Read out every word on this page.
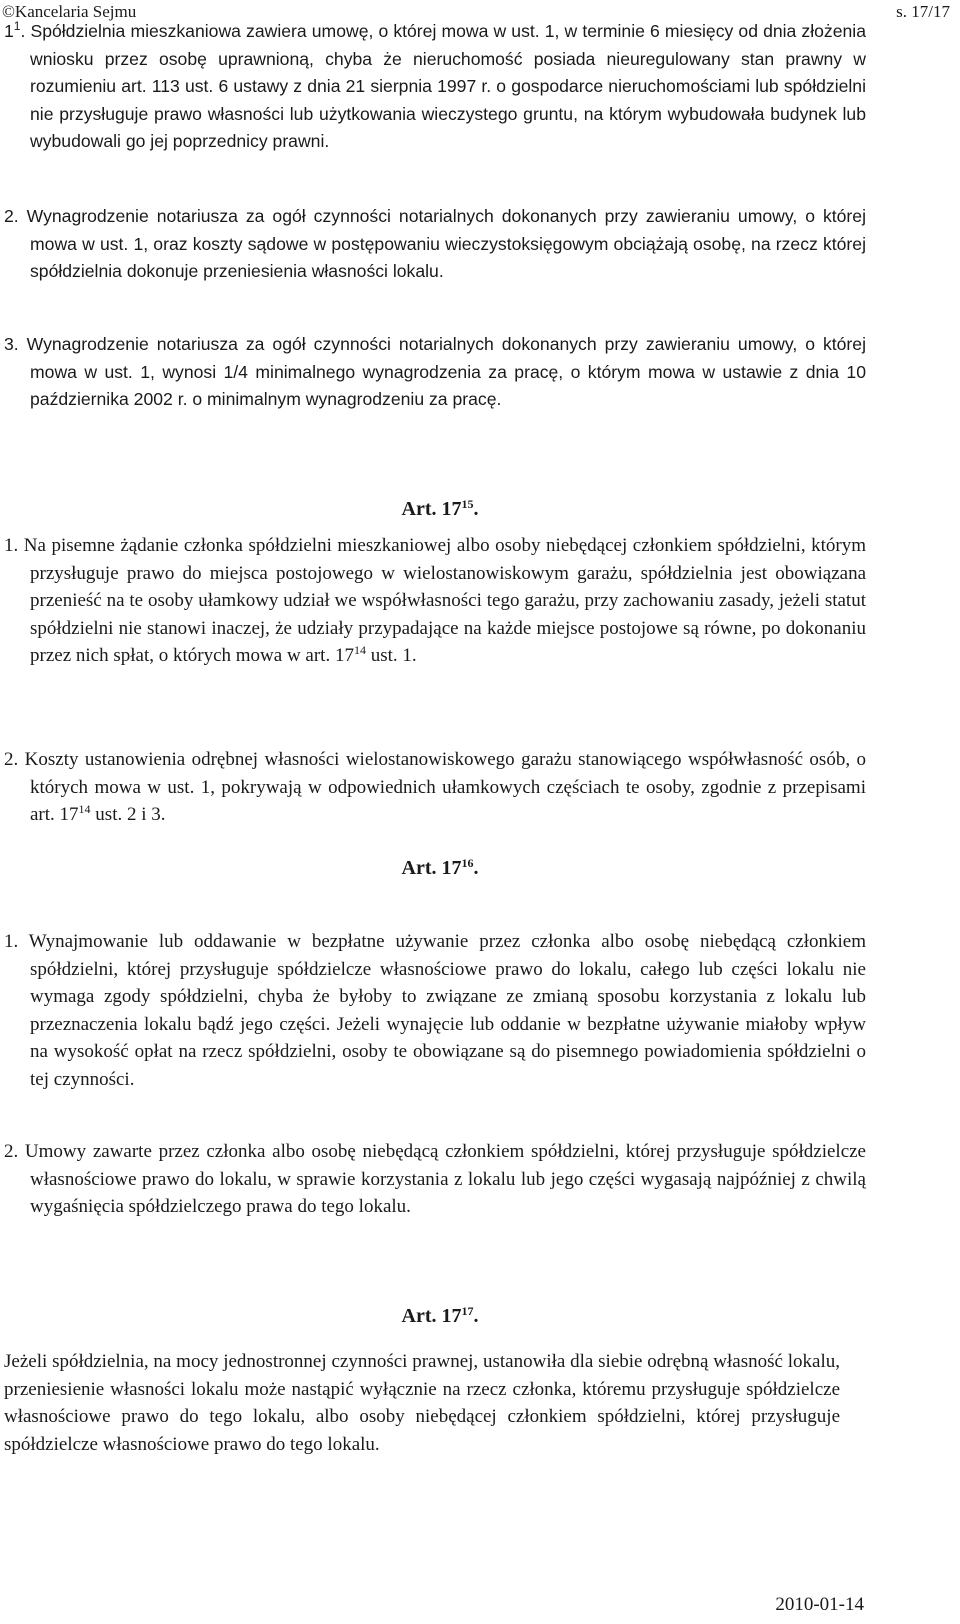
©Kancelaria Sejmu	s. 17/17
$1^1$. Spółdzielnia mieszkaniowa zawiera umowę, o której mowa w ust. 1, w terminie 6 miesięcy od dnia złożenia wniosku przez osobę uprawnioną, chyba że nieruchomość posiada nieuregulowany stan prawny w rozumieniu art. 113 ust. 6 ustawy z dnia 21 sierpnia 1997 r. o gospodarce nieruchomościami lub spółdzielni nie przysługuje prawo własności lub użytkowania wieczystego gruntu, na którym wybudowała budynek lub wybudowali go jej poprzednicy prawni.
2. Wynagrodzenie notariusza za ogół czynności notarialnych dokonanych przy zawieraniu umowy, o której mowa w ust. 1, oraz koszty sądowe w postępowaniu wieczystoksięgowym obciążają osobę, na rzecz której spółdzielnia dokonuje przeniesienia własności lokalu.
3. Wynagrodzenie notariusza za ogół czynności notarialnych dokonanych przy zawieraniu umowy, o której mowa w ust. 1, wynosi 1/4 minimalnego wynagrodzenia za pracę, o którym mowa w ustawie z dnia 10 października 2002 r. o minimalnym wynagrodzeniu za pracę.
Art. $17^{15}$.
1. Na pisemne żądanie członka spółdzielni mieszkaniowej albo osoby niebędącej członkiem spółdzielni, którym przysługuje prawo do miejsca postojowego w wielostanowiskowym garażu, spółdzielnia jest obowiązana przenieść na te osoby ułamkowy udział we współwłasności tego garażu, przy zachowaniu zasady, jeżeli statut spółdzielni nie stanowi inaczej, że udziały przypadające na każde miejsce postojowe są równe, po dokonaniu przez nich spłat, o których mowa w art. $17^{14}$ ust. 1.
2. Koszty ustanowienia odrębnej własności wielostanowiskowego garażu stanowiącego współwłasność osób, o których mowa w ust. 1, pokrywają w odpowiednich ułamkowych częściach te osoby, zgodnie z przepisami art. $17^{14}$ ust. 2 i 3.
Art. $17^{16}$.
1. Wynajmowanie lub oddawanie w bezpłatne używanie przez członka albo osobę niebędącą członkiem spółdzielni, której przysługuje spółdzielcze własnościowe prawo do lokalu, całego lub części lokalu nie wymaga zgody spółdzielni, chyba że byłoby to związane ze zmianą sposobu korzystania z lokalu lub przeznaczenia lokalu bądź jego części. Jeżeli wynajęcie lub oddanie w bezpłatne używanie miałoby wpływ na wysokość opłat na rzecz spółdzielni, osoby te obowiązane są do pisemnego powiadomienia spółdzielni o tej czynności.
2. Umowy zawarte przez członka albo osobę niebędącą członkiem spółdzielni, której przysługuje spółdzielcze własnościowe prawo do lokalu, w sprawie korzystania z lokalu lub jego części wygasają najpóźniej z chwilą wygaśnięcia spółdzielczego prawa do tego lokalu.
Art. $17^{17}$.
Jeżeli spółdzielnia, na mocy jednostronnej czynności prawnej, ustanowiła dla siebie odrębną własność lokalu, przeniesienie własności lokalu może nastąpić wyłącznie na rzecz członka, któremu przysługuje spółdzielcze własnościowe prawo do tego lokalu, albo osoby niebędącej członkiem spółdzielni, której przysługuje spółdzielcze własnościowe prawo do tego lokalu.
2010-01-14
